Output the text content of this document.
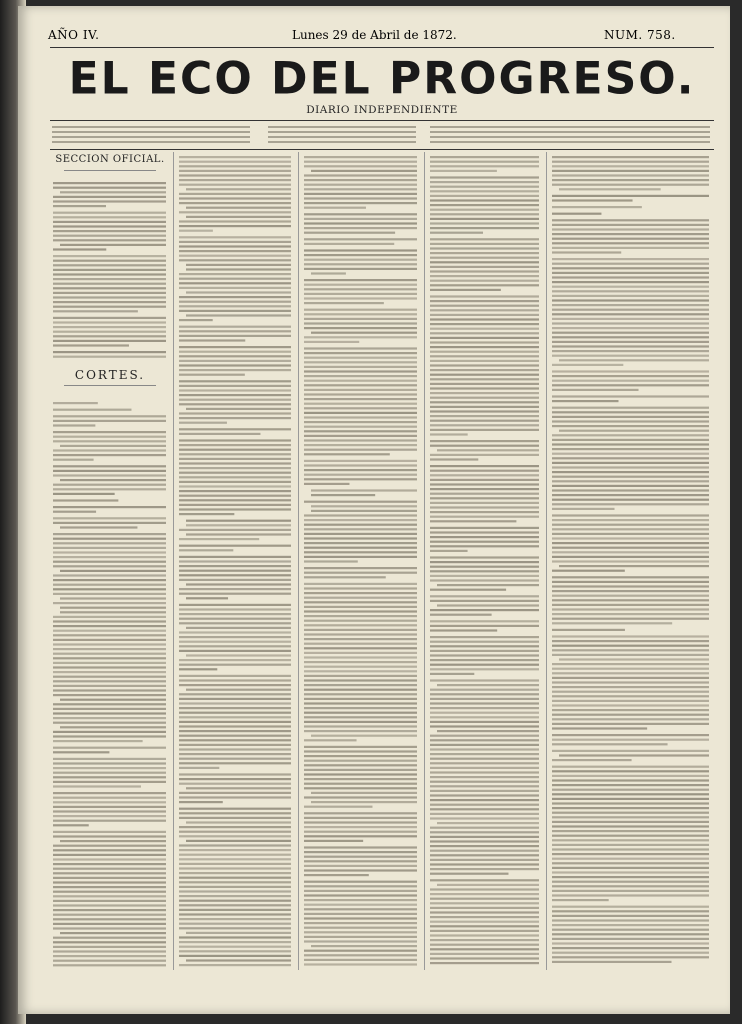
AÑO IV.	Lunes 29 de Abril de 1872.	NUM. 758.
EL ECO DEL PROGRESO.
DIARIO INDEPENDIENTE
SECCION OFICIAL.
CORTES.
